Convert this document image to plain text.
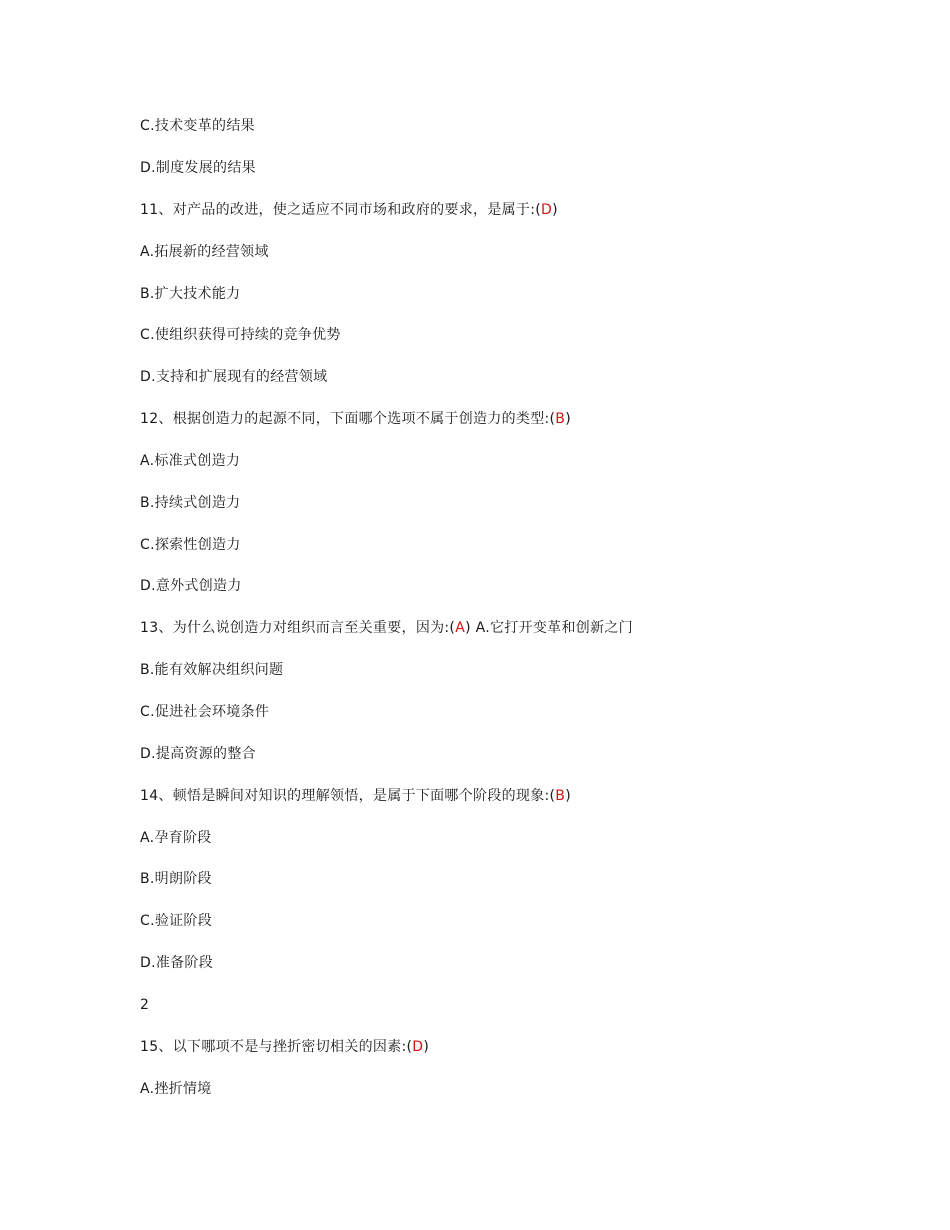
C.技术变革的结果
D.制度发展的结果
11、对产品的改进，使之适应不同市场和政府的要求，是属于:(D)
A.拓展新的经营领域
B.扩大技术能力
C.使组织获得可持续的竞争优势
D.支持和扩展现有的经营领域
12、根据创造力的起源不同，下面哪个选项不属于创造力的类型:(B)
A.标准式创造力
B.持续式创造力
C.探索性创造力
D.意外式创造力
13、为什么说创造力对组织而言至关重要，因为:(A) A.它打开变革和创新之门
B.能有效解决组织问题
C.促进社会环境条件
D.提高资源的整合
14、顿悟是瞬间对知识的理解领悟，是属于下面哪个阶段的现象:(B)
A.孕育阶段
B.明朗阶段
C.验证阶段
D.准备阶段
2
15、以下哪项不是与挫折密切相关的因素:(D)
A.挫折情境
